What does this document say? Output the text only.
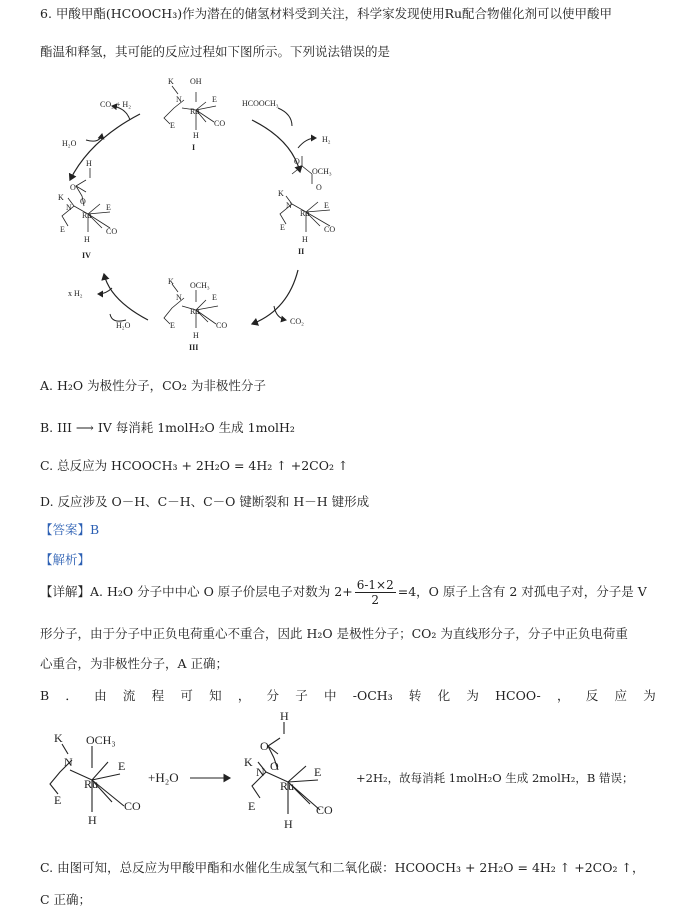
6. 甲酸甲酯(HCOOCH₃)作为潜在的储氢材料受到关注，科学家发现使用Ru配合物催化剂可以使甲酸甲
酯温和释氢，其可能的反应过程如下图所示。下列说法错误的是
CO₂ + H₂
H₂O
HCOOCH₃
H₂
CO₂
x H₂
H₂O
K
N
OH
Ru
E
E	CO
H
I
OCH₃
O
O
K
N
Ru
E
E	CO
H
II
K
N
OCH₃
Ru
E
E	CO
H
III
H
O
O
K
N
Ru
E
E	CO
H
IV
A. H₂O 为极性分子，CO₂ 为非极性分子
B. III ⟶ IV 每消耗 1molH₂O 生成 1molH₂
C. 总反应为 HCOOCH₃ + 2H₂O = 4H₂ ↑ +2CO₂ ↑
D. 反应涉及 O－H、C－H、C－O 键断裂和 H－H 键形成
【答案】B
【解析】
【详解】A. H₂O 分子中中心 O 原子价层电子对数为 $2+ \frac{6-1\times 2}{2} =4$，O 原子上含有 2 对孤电子对，分子是 V
形分子，由于分子中正负电荷重心不重合，因此 H₂O 是极性分子；CO₂ 为直线形分子，分子中正负电荷重
心重合，为非极性分子，A 正确；
B ． 由 流 程 可 知 ， 分 子 中 -OCH₃ 转 化 为 HCOO- ， 反 应 为
K
N
OCH₃
Ru
E
E	CO
H
+H₂O
H
O
O
K
N
Ru
E
E	CO
H
+2H₂，故每消耗 1molH₂O 生成 2molH₂，B 错误；
C. 由图可知，总反应为甲酸甲酯和水催化生成氢气和二氧化碳：HCOOCH₃ + 2H₂O = 4H₂ ↑ +2CO₂ ↑，
C 正确；
